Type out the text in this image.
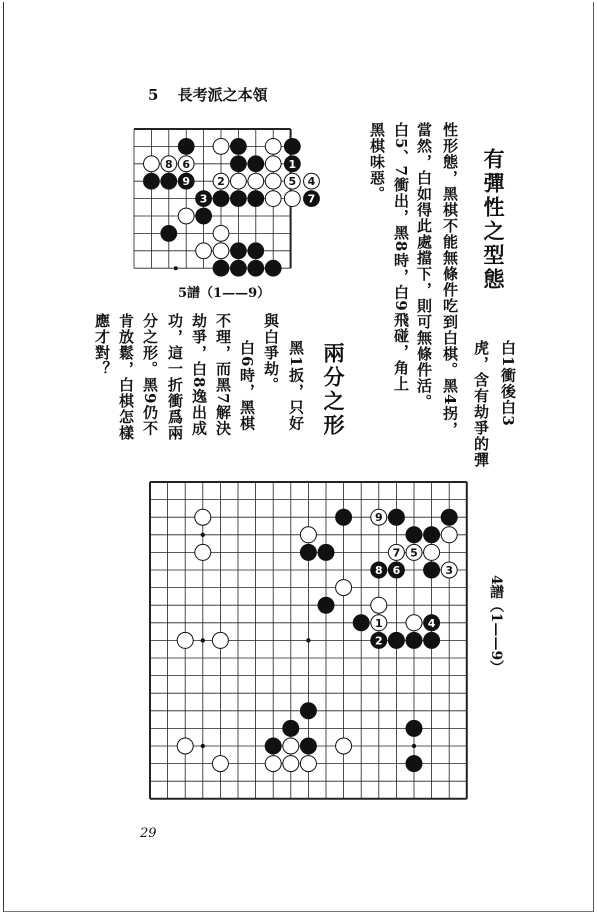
5 長考派之本領
8 6	1
9 2	5 4
3	7
5譜（1——9）
有彈性之型態
白1衝後白3
虎，含有劫爭的彈
性形態，黑棋不能無條件吃到白棋。黑4拐，
當然，白如得此處擋下，則可無條件活。
白5、7衝出，黑8時，白9飛碰，角上
黑棋味惡。
兩分之形
黑1扳，只好
與白爭劫。
白6時，黑棋
不理，而黑7解決
劫爭，白8逸出成
功，這一折衝爲兩
分之形。黑9仍不
肯放鬆，白棋怎樣
應才對？
9
7 5
8 6	3
1	4
2	4譜（1——9）
29
